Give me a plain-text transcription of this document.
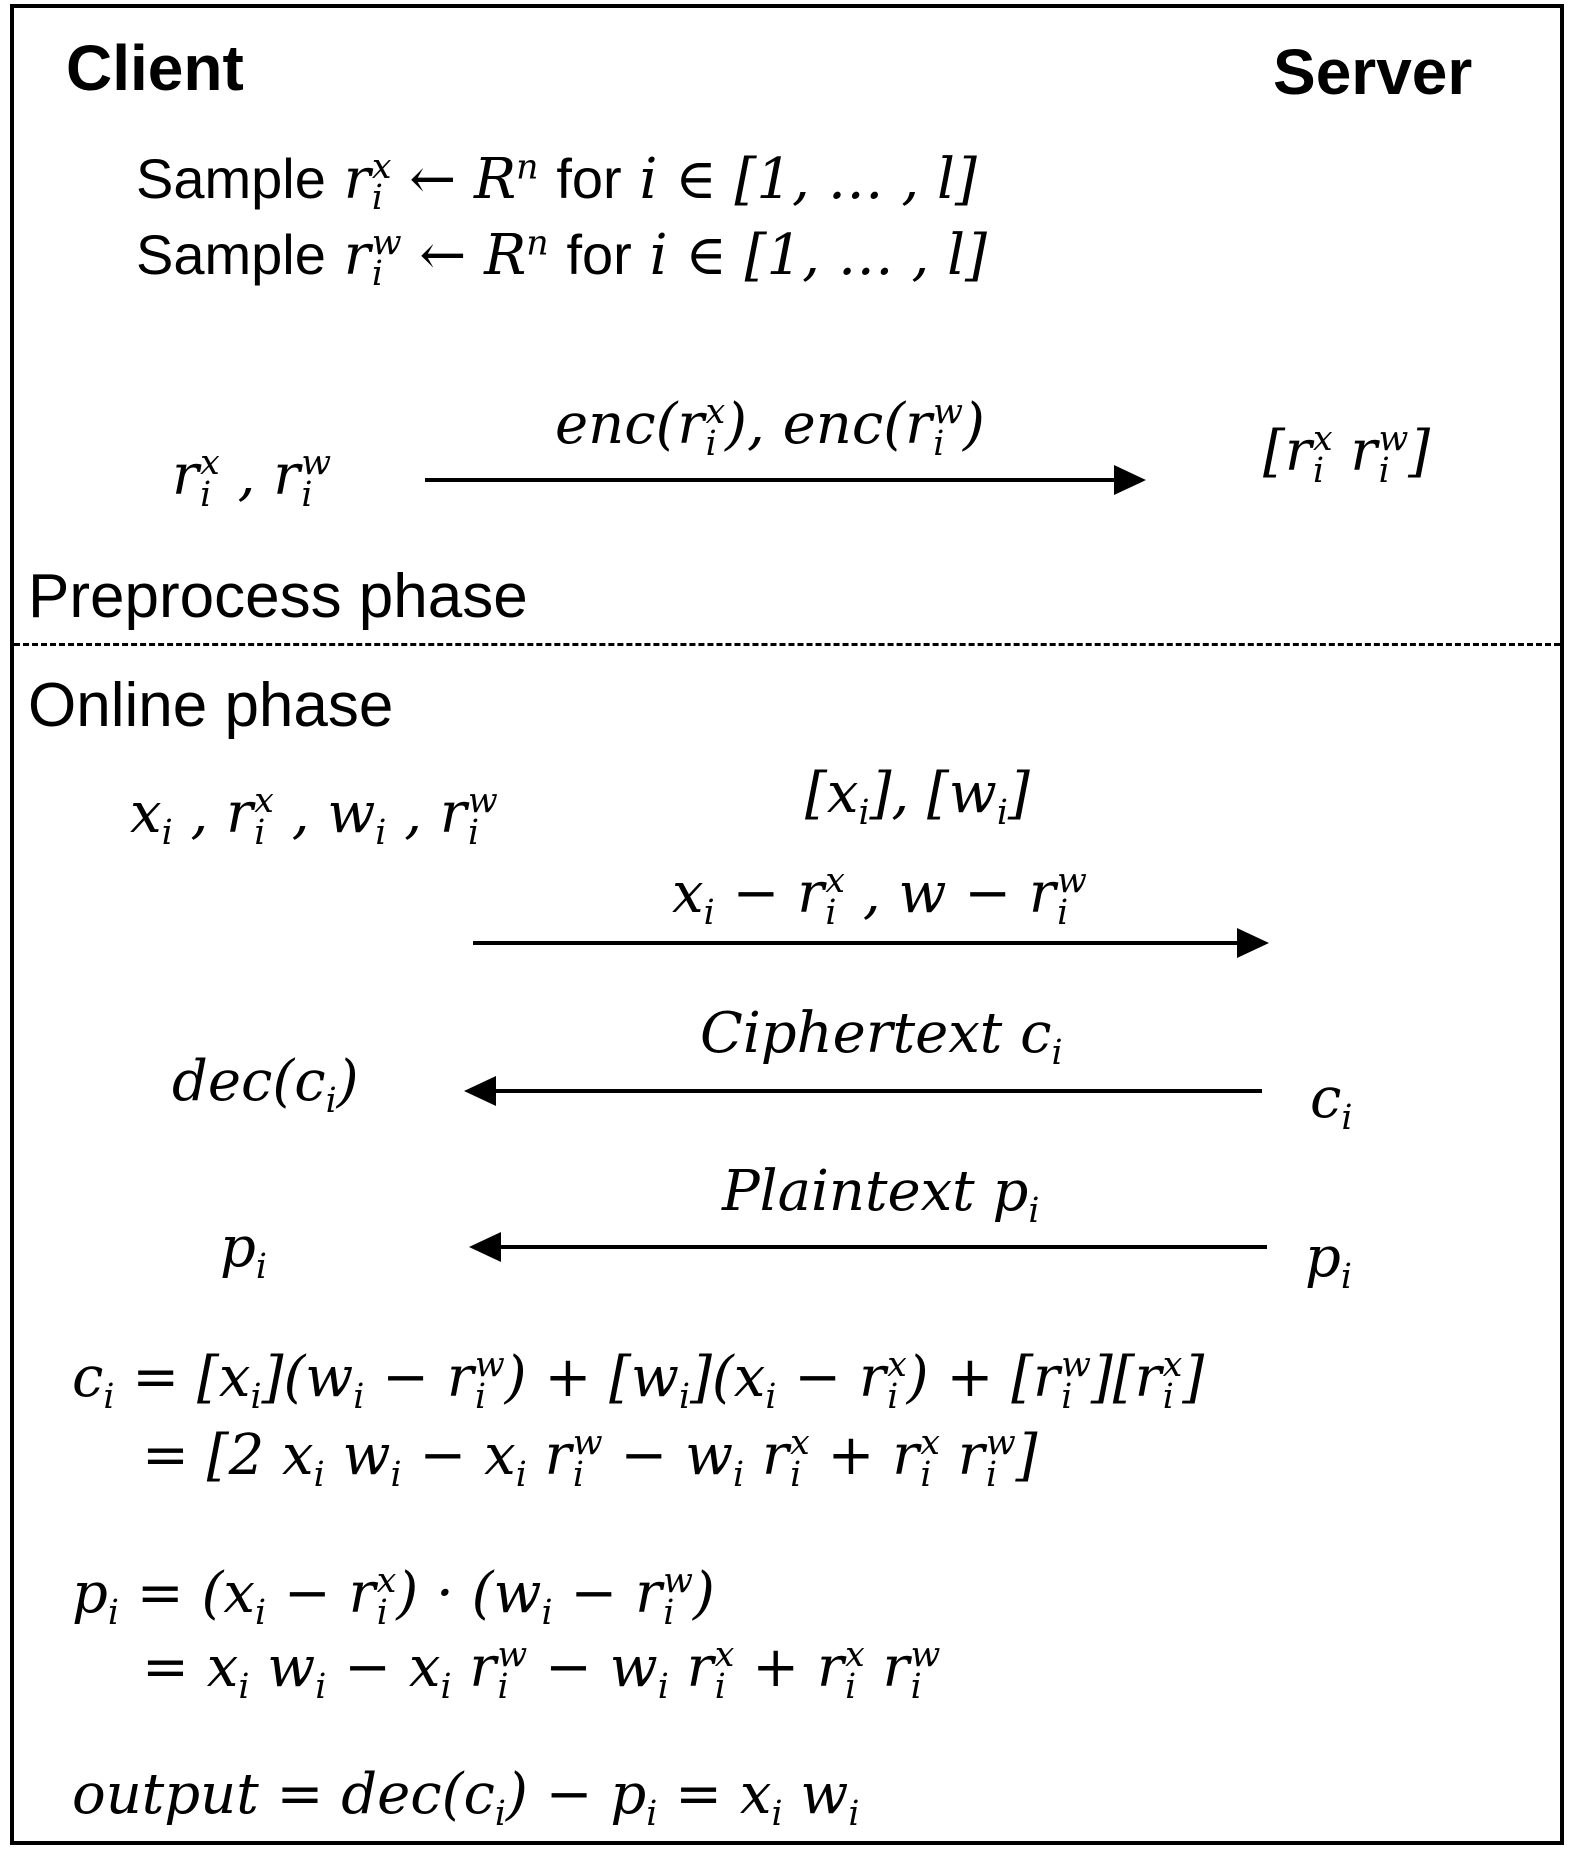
Client	Server
Sample r x
i ← $R^n$ for i ∈ [1, … , l]
Sample r w
i ← $R^n$ for i ∈ [1, … , l]
r x
i , r w
i
enc(r x
i ), enc(r w
i )	[r x
i r w
i ]
Preprocess phase
Online phase
$x_i$ , r x
i , $w_i$ , r w
i
$[x_i]$, $[w_i]$
$x_i - r$ x
i , w − r w
i
Ciphertext $c_i$
$dec(c_i)$	$c_i$
Plaintext $p_i$
$p_i$	$p_i$
$c_i = [x_i](w_i - r$ w
i ) + $[w_i](x_i - r$ x
i ) + [r w
i ][r x
i ]
= [2 $x_i$ $w_i - x_i$ r w
$i - w_i$ r x
i + r x
i r w
i ]
$p_i = (x_i - r$ x
i ) · ($w_i - r$ w
i )
= $x_i$ $w_i - x_i$ r w
$i - w_i$ r x
i + r x
i r w
i
output = $dec(c_i) - p_i = x_i$ $w_i$
